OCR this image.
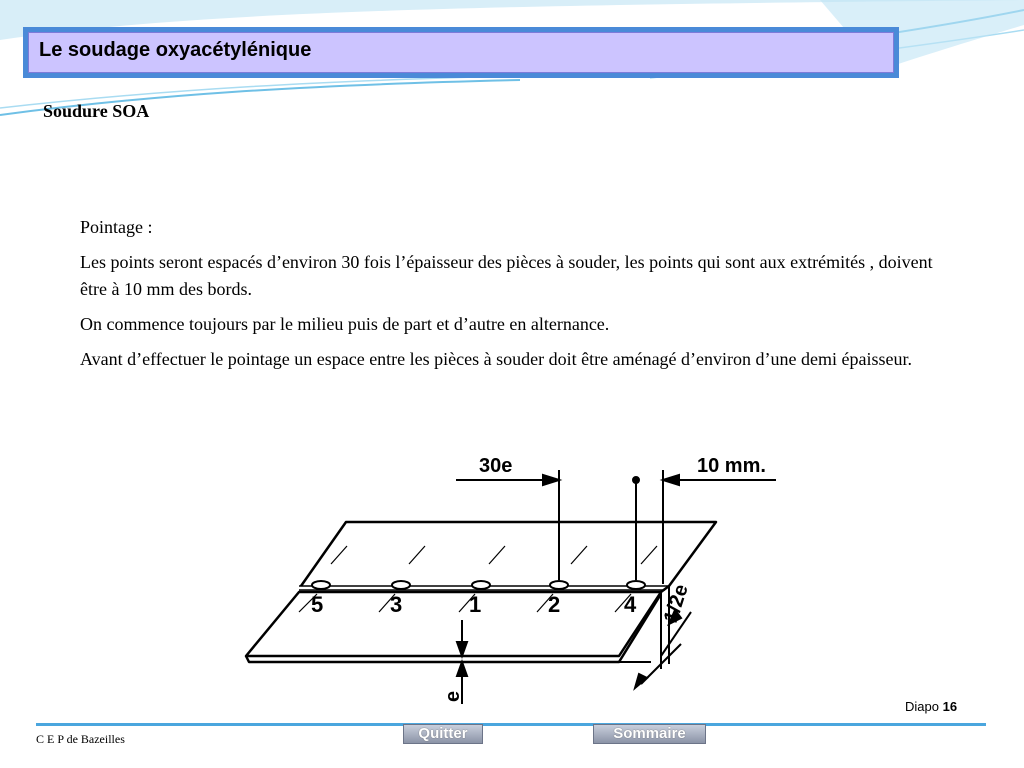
Le soudage oxyacétylénique
Soudure SOA

Pointage :

Les points seront espacés d’environ 30 fois l’épaisseur des pièces à souder, les points qui sont aux extrémités , doivent être à 10 mm des bords.

On commence toujours par le milieu puis de part et d’autre en alternance.

Avant d’effectuer le pointage un espace entre les pièces à souder doit être aménagé d’environ d’une demi épaisseur.

5	3	1	2	4
30e	10 mm.
1/2e
e
Diapo 16
Quitter	Sommaire
C E P de Bazeilles
